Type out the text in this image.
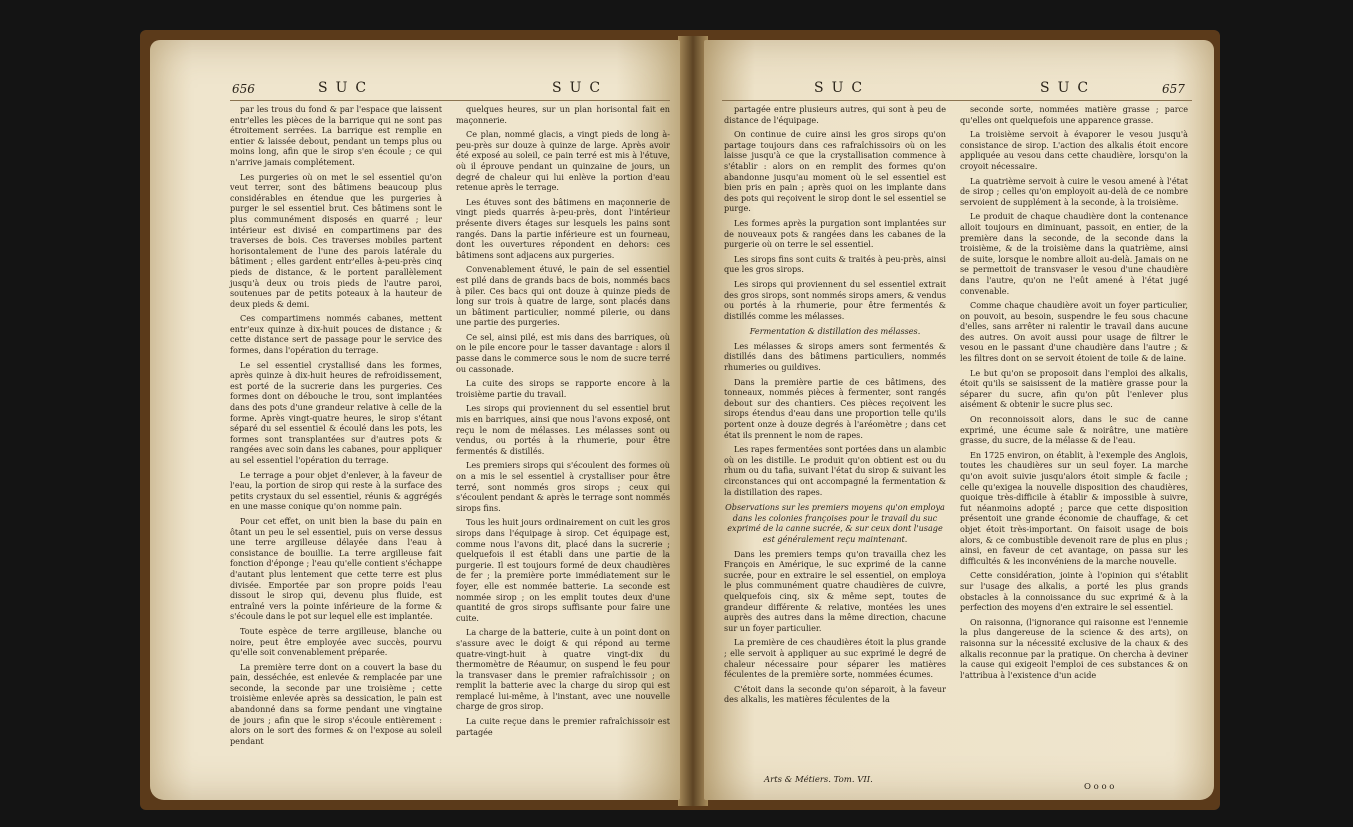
656	SUC	SUC

par les trous du fond & par l'espace que laissent entr'elles les pièces de la barrique qui ne sont pas étroitement serrées. La barrique est remplie en entier & laissée debout, pendant un temps plus ou moins long, afin que le sirop s'en écoule ; ce qui n'arrive jamais complétement.

Les purgeries où on met le sel essentiel qu'on veut terrer, sont des bâtimens beaucoup plus considérables en étendue que les purgeries à purger le sel essentiel brut. Ces bâtimens sont le plus communément disposés en quarré ; leur intérieur est divisé en compartimens par des traverses de bois. Ces traverses mobiles partent horisontalement de l'une des parois latérale du bâtiment ; elles gardent entr'elles à-peu-près cinq pieds de distance, & le portent parallèlement jusqu'à deux ou trois pieds de l'autre paroi, soutenues par de petits poteaux à la hauteur de deux pieds & demi.

Ces compartimens nommés cabanes, mettent entr'eux quinze à dix-huit pouces de distance ; & cette distance sert de passage pour le service des formes, dans l'opération du terrage.

Le sel essentiel crystallisé dans les formes, après quinze à dix-huit heures de refroidissement, est porté de la sucrerie dans les purgeries. Ces formes dont on débouche le trou, sont implantées dans des pots d'une grandeur relative à celle de la forme. Après vingt-quatre heures, le sirop s'étant séparé du sel essentiel & écoulé dans les pots, les formes sont transplantées sur d'autres pots & rangées avec soin dans les cabanes, pour appliquer au sel essentiel l'opération du terrage.

Le terrage a pour objet d'enlever, à la faveur de l'eau, la portion de sirop qui reste à la surface des petits crystaux du sel essentiel, réunis & aggrégés en une masse conique qu'on nomme pain.

Pour cet effet, on unit bien la base du pain en ôtant un peu le sel essentiel, puis on verse dessus une terre argilleuse délayée dans l'eau à consistance de bouillie. La terre argilleuse fait fonction d'éponge ; l'eau qu'elle contient s'échappe d'autant plus lentement que cette terre est plus divisée. Emportée par son propre poids l'eau dissout le sirop qui, devenu plus fluide, est entraîné vers la pointe inférieure de la forme & s'écoule dans le pot sur lequel elle est implantée.

Toute espèce de terre argilleuse, blanche ou noire, peut être employée avec succès, pourvu qu'elle soit convenablement préparée.

La première terre dont on a couvert la base du pain, desséchée, est enlevée & remplacée par une seconde, la seconde par une troisième ; cette troisième enlevée après sa dessication, le pain est abandonné dans sa forme pendant une vingtaine de jours ; afin que le sirop s'écoule entièrement : alors on le sort des formes & on l'expose au soleil pendant

quelques heures, sur un plan horisontal fait en maçonnerie.

Ce plan, nommé glacis, a vingt pieds de long à-peu-près sur douze à quinze de large. Après avoir été exposé au soleil, ce pain terré est mis à l'étuve, où il éprouve pendant un quinzaine de jours, un degré de chaleur qui lui enlève la portion d'eau retenue après le terrage.

Les étuves sont des bâtimens en maçonnerie de vingt pieds quarrés à-peu-près, dont l'intérieur présente divers étages sur lesquels les pains sont rangés. Dans la partie inférieure est un fourneau, dont les ouvertures répondent en dehors: ces bâtimens sont adjacens aux purgeries.

Convenablement étuvé, le pain de sel essentiel est pilé dans de grands bacs de bois, nommés bacs à piler. Ces bacs qui ont douze à quinze pieds de long sur trois à quatre de large, sont placés dans un bâtiment particulier, nommé pilerie, ou dans une partie des purgeries.

Ce sel, ainsi pilé, est mis dans des barriques, où on le pile encore pour le tasser davantage : alors il passe dans le commerce sous le nom de sucre terré ou cassonade.

La cuite des sirops se rapporte encore à la troisième partie du travail.

Les sirops qui proviennent du sel essentiel brut mis en barriques, ainsi que nous l'avons exposé, ont reçu le nom de mélasses. Les mélasses sont ou vendus, ou portés à la rhumerie, pour être fermentés & distillés.

Les premiers sirops qui s'écoulent des formes où on a mis le sel essentiel à crystalliser pour être terré, sont nommés gros sirops ; ceux qui s'écoulent pendant & après le terrage sont nommés sirops fins.

Tous les huit jours ordinairement on cuit les gros sirops dans l'équipage à sirop. Cet équipage est, comme nous l'avons dit, placé dans la sucrerie ; quelquefois il est établi dans une partie de la purgerie. Il est toujours formé de deux chaudières de fer ; la première porte immédiatement sur le foyer, elle est nommée batterie. La seconde est nommée sirop ; on les emplit toutes deux d'une quantité de gros sirops suffisante pour faire une cuite.

La charge de la batterie, cuite à un point dont on s'assure avec le doigt & qui répond au terme quatre-vingt-huit à quatre vingt-dix du thermomètre de Réaumur, on suspend le feu pour la transvaser dans le premier rafraîchissoir ; on remplit la batterie avec la charge du sirop qui est remplacé lui-même, à l'instant, avec une nouvelle charge de gros sirop.

La cuite reçue dans le premier rafraîchissoir est partagée

SUC	SUC	657

partagée entre plusieurs autres, qui sont à peu de distance de l'équipage.

On continue de cuire ainsi les gros sirops qu'on partage toujours dans ces rafraîchissoirs où on les laisse jusqu'à ce que la crystallisation commence à s'établir : alors on en remplit des formes qu'on abandonne jusqu'au moment où le sel essentiel est bien pris en pain ; après quoi on les implante dans des pots qui reçoivent le sirop dont le sel essentiel se purge.

Les formes après la purgation sont implantées sur de nouveaux pots & rangées dans les cabanes de la purgerie où on terre le sel essentiel.

Les sirops fins sont cuits & traités à peu-près, ainsi que les gros sirops.

Les sirops qui proviennent du sel essentiel extrait des gros sirops, sont nommés sirops amers, & vendus ou portés à la rhumerie, pour être fermentés & distillés comme les mélasses.

Fermentation & distillation des mélasses.

Les mélasses & sirops amers sont fermentés & distillés dans des bâtimens particuliers, nommés rhumeries ou guildives.

Dans la première partie de ces bâtimens, des tonneaux, nommés pièces à fermenter, sont rangés debout sur des chantiers. Ces pièces reçoivent les sirops étendus d'eau dans une proportion telle qu'ils portent onze à douze degrés à l'aréomètre ; dans cet état ils prennent le nom de rapes.

Les rapes fermentées sont portées dans un alambic où on les distille. Le produit qu'on obtient est ou du rhum ou du tafia, suivant l'état du sirop & suivant les circonstances qui ont accompagné la fermentation & la distillation des rapes.

Observations sur les premiers moyens qu'on employa dans les colonies françoises pour le travail du suc exprimé de la canne sucrée, & sur ceux dont l'usage est généralement reçu maintenant.

Dans les premiers temps qu'on travailla chez les François en Amérique, le suc exprimé de la canne sucrée, pour en extraire le sel essentiel, on employa le plus communément quatre chaudières de cuivre, quelquefois cinq, six & même sept, toutes de grandeur différente & relative, montées les unes auprès des autres dans la même direction, chacune sur un foyer particulier.

La première de ces chaudières étoit la plus grande ; elle servoit à appliquer au suc exprimé le degré de chaleur nécessaire pour séparer les matières féculentes de la première sorte, nommées écumes.

C'étoit dans la seconde qu'on séparoit, à la faveur des alkalis, les matières féculentes de la

seconde sorte, nommées matière grasse ; parce qu'elles ont quelquefois une apparence grasse.

La troisième servoit à évaporer le vesou jusqu'à consistance de sirop. L'action des alkalis étoit encore appliquée au vesou dans cette chaudière, lorsqu'on la croyoit nécessaire.

La quatrième servoit à cuire le vesou amené à l'état de sirop ; celles qu'on employoit au-delà de ce nombre servoient de supplément à la seconde, à la troisième.

Le produit de chaque chaudière dont la contenance alloit toujours en diminuant, passoit, en entier, de la première dans la seconde, de la seconde dans la troisième, & de la troisième dans la quatrième, ainsi de suite, lorsque le nombre alloit au-delà. Jamais on ne se permettoit de transvaser le vesou d'une chaudière dans l'autre, qu'on ne l'eût amené à l'état jugé convenable.

Comme chaque chaudière avoit un foyer particulier, on pouvoit, au besoin, suspendre le feu sous chacune d'elles, sans arrêter ni ralentir le travail dans aucune des autres. On avoit aussi pour usage de filtrer le vesou en le passant d'une chaudière dans l'autre ; & les filtres dont on se servoit étoient de toile & de laine.

Le but qu'on se proposoit dans l'emploi des alkalis, étoit qu'ils se saisissent de la matière grasse pour la séparer du sucre, afin qu'on pût l'enlever plus aisément & obtenir le sucre plus sec.

On reconnoissoit alors, dans le suc de canne exprimé, une écume sale & noirâtre, une matière grasse, du sucre, de la mélasse & de l'eau.

En 1725 environ, on établit, à l'exemple des Anglois, toutes les chaudières sur un seul foyer. La marche qu'on avoit suivie jusqu'alors étoit simple & facile ; celle qu'exigea la nouvelle disposition des chaudières, quoique très-difficile à établir & impossible à suivre, fut néanmoins adopté ; parce que cette disposition présentoit une grande économie de chauffage, & cet objet étoit très-important. On faisoit usage de bois alors, & ce combustible devenoit rare de plus en plus ; ainsi, en faveur de cet avantage, on passa sur les difficultés & les inconvéniens de la marche nouvelle.

Cette considération, jointe à l'opinion qui s'établit sur l'usage des alkalis, a porté les plus grands obstacles à la connoissance du suc exprimé & à la perfection des moyens d'en extraire le sel essentiel.

On raisonna, (l'ignorance qui raisonne est l'ennemie la plus dangereuse de la science & des arts), on raisonna sur la nécessité exclusive de la chaux & des alkalis reconnue par la pratique. On chercha à deviner la cause qui exigeoit l'emploi de ces substances & on l'attribua à l'existence d'un acide

Arts & Métiers. Tom. VII.
O o o o
